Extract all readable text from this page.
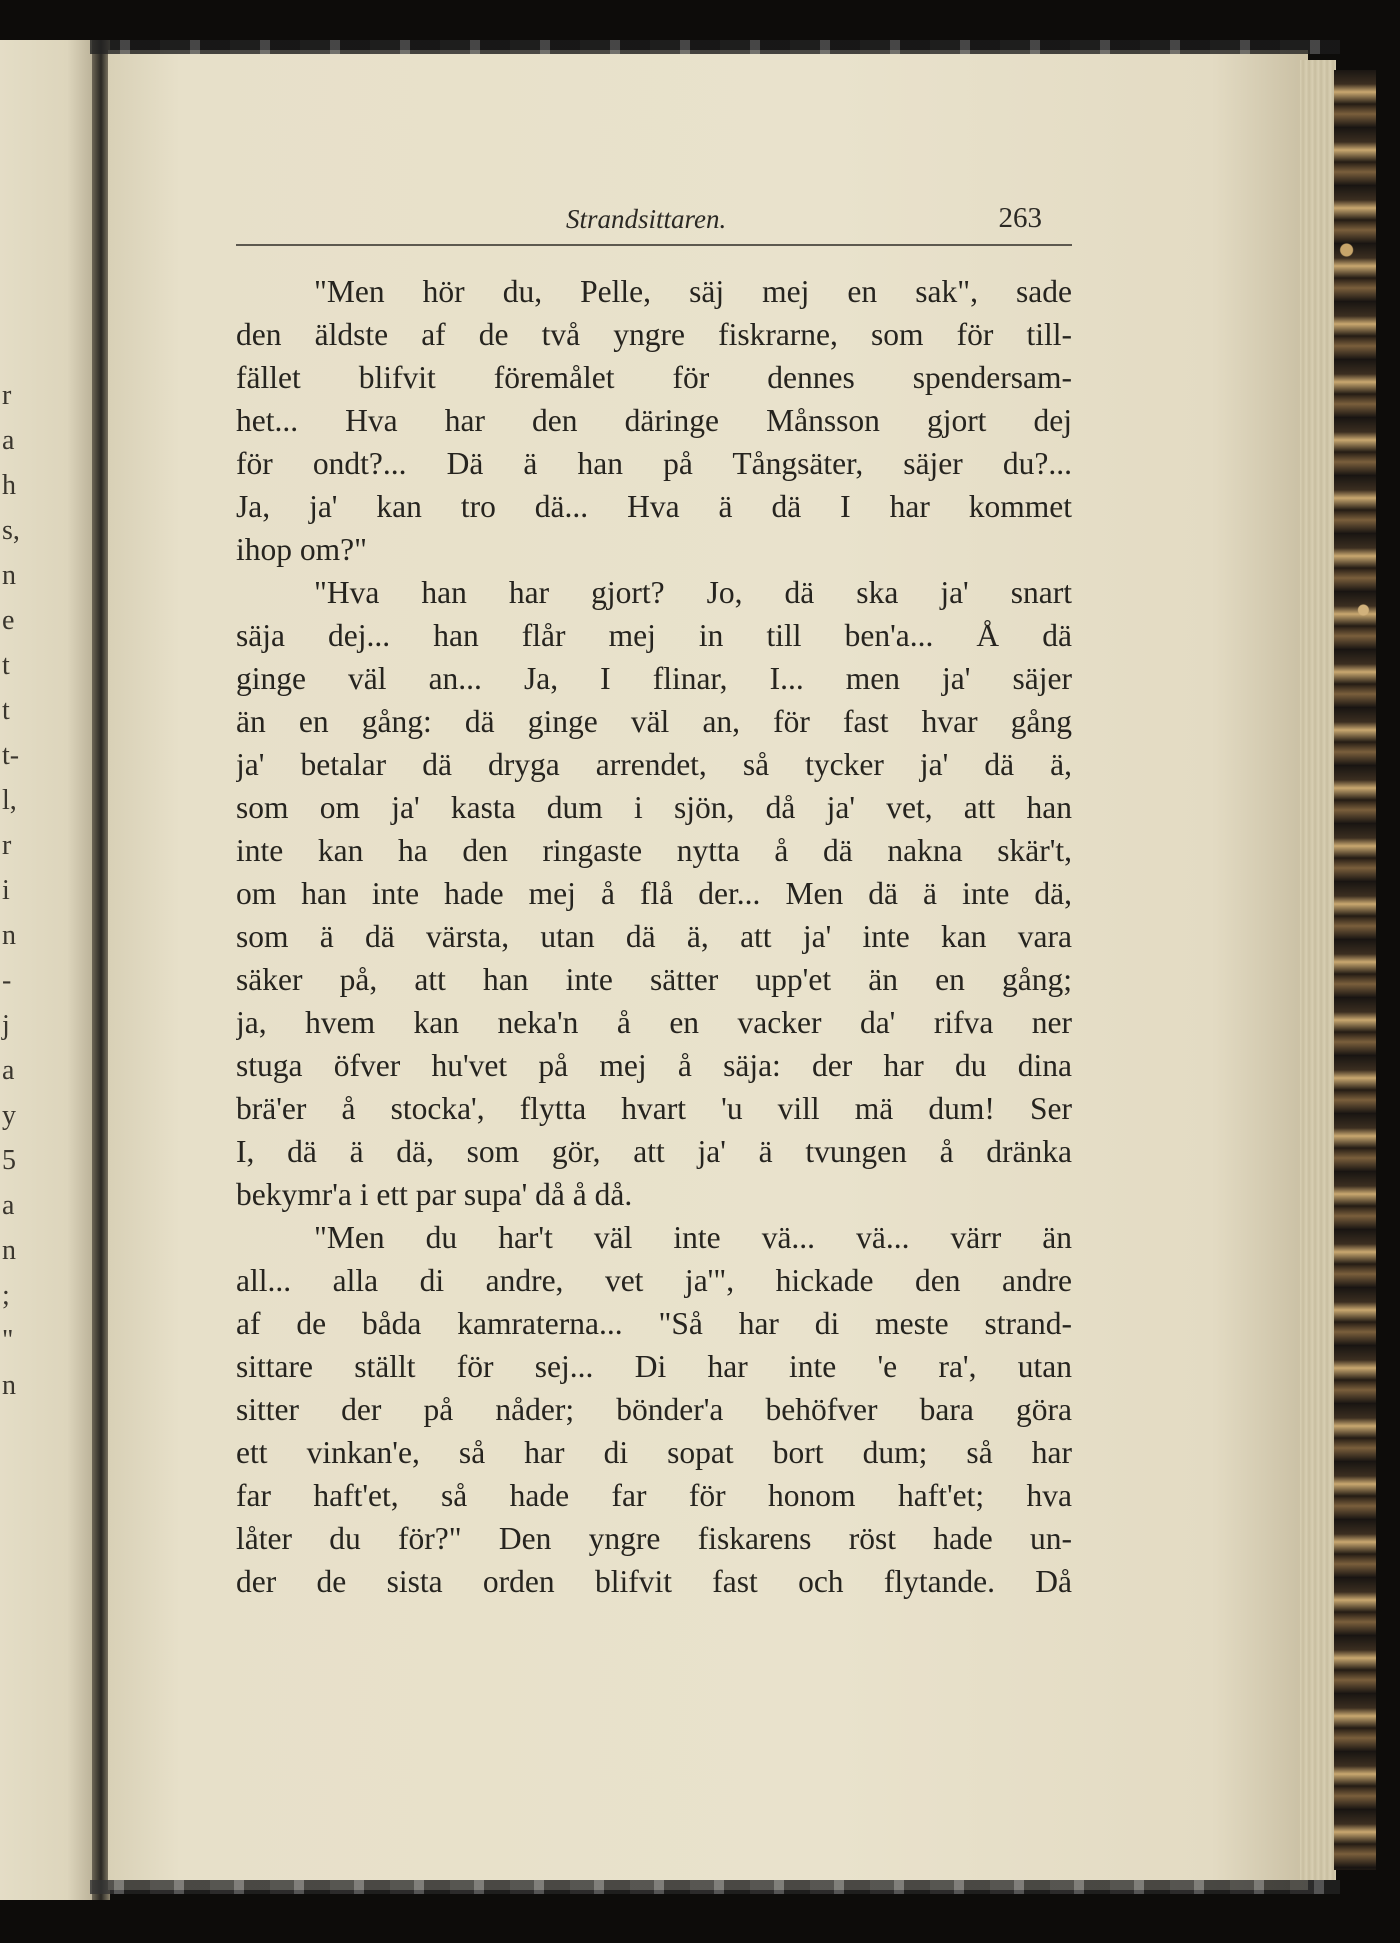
r
a
h
s,
n
e
t
t
t-
l,
r
i
n
-
j
a
y
5
a
n
;
"
n
Strandsittaren.	263
"Men hör du, Pelle, säj mej en sak", sade
den äldste af de två yngre fiskrarne, som för till-
fället blifvit föremålet för dennes spendersam-
het... Hva har den däringe Månsson gjort dej
för ondt?... Dä ä han på Tångsäter, säjer du?...
Ja, ja' kan tro dä... Hva ä dä I har kommet
ihop om?"
"Hva han har gjort? Jo, dä ska ja' snart
säja dej... han flår mej in till ben'a... Å dä
ginge väl an... Ja, I flinar, I... men ja' säjer
än en gång: dä ginge väl an, för fast hvar gång
ja' betalar dä dryga arrendet, så tycker ja' dä ä,
som om ja' kasta dum i sjön, då ja' vet, att han
inte kan ha den ringaste nytta å dä nakna skär't,
om han inte hade mej å flå der... Men dä ä inte dä,
som ä dä värsta, utan dä ä, att ja' inte kan vara
säker på, att han inte sätter upp'et än en gång;
ja, hvem kan neka'n å en vacker da' rifva ner
stuga öfver hu'vet på mej å säja: der har du dina
brä'er å stocka', flytta hvart 'u vill mä dum! Ser
I, dä ä dä, som gör, att ja' ä tvungen å dränka
bekymr'a i ett par supa' då å då.
"Men du har't väl inte vä... vä... värr än
all... alla di andre, vet ja'", hickade den andre
af de båda kamraterna... "Så har di meste strand-
sittare ställt för sej... Di har inte 'e ra', utan
sitter der på nåder; bönder'a behöfver bara göra
ett vinkan'e, så har di sopat bort dum; så har
far haft'et, så hade far för honom haft'et; hva
låter du för?" Den yngre fiskarens röst hade un-
der de sista orden blifvit fast och flytande. Då
